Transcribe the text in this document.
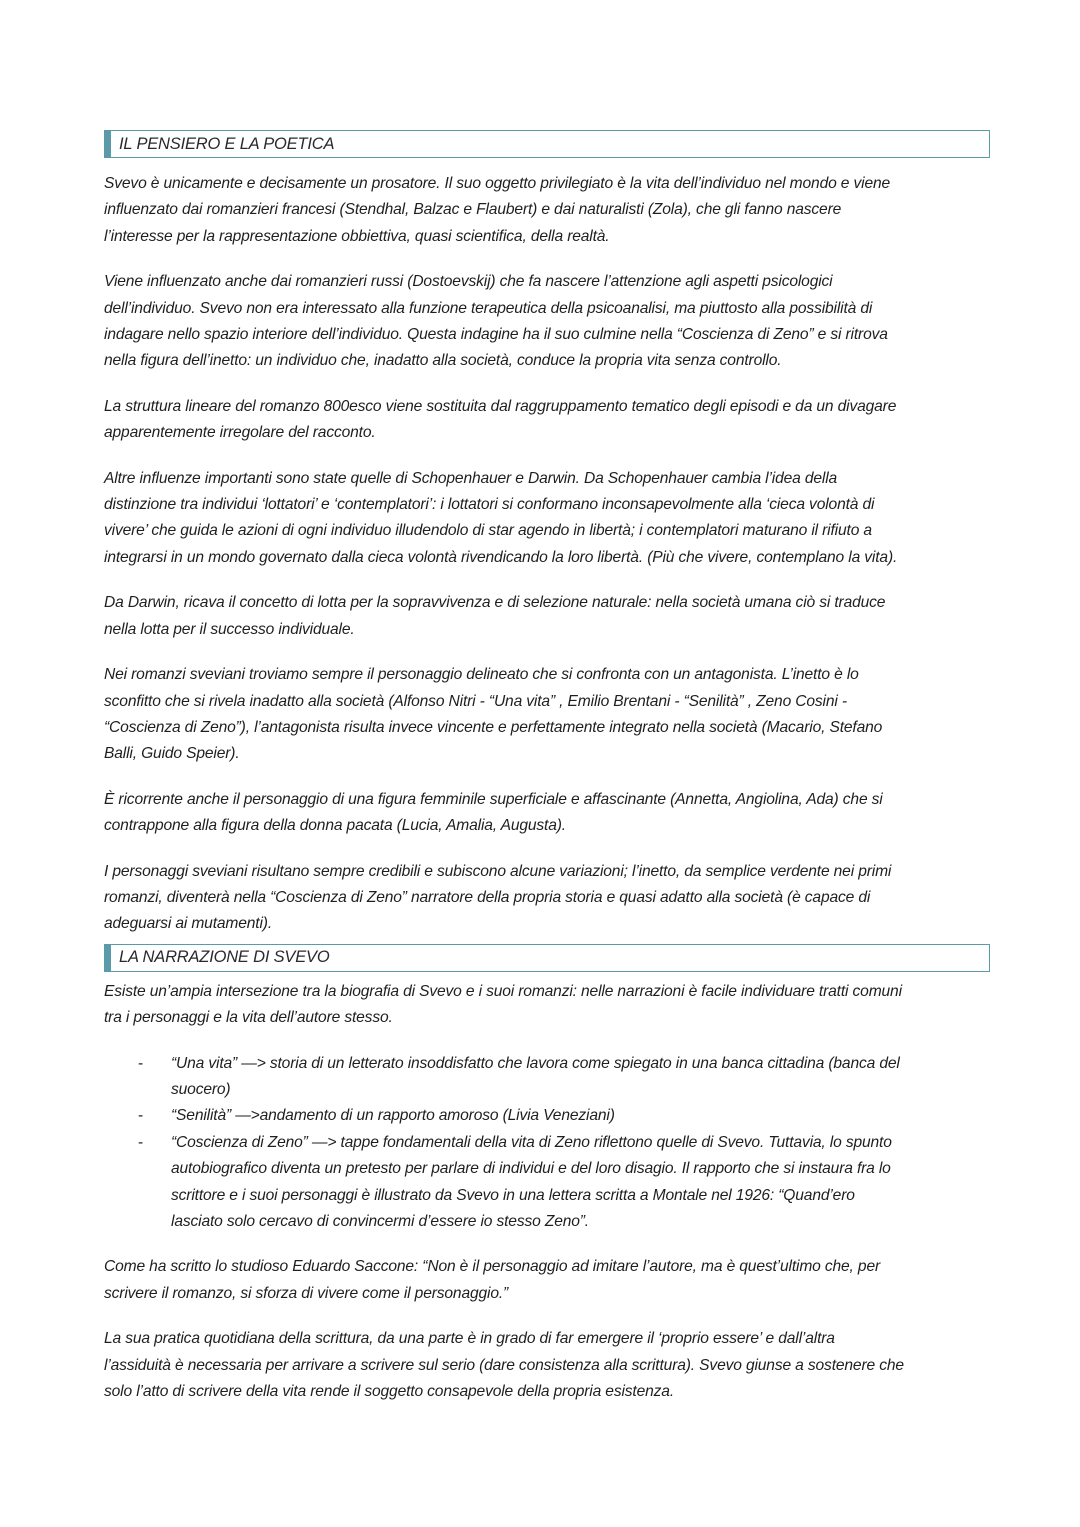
IL PENSIERO E LA POETICA

Svevo è unicamente e decisamente un prosatore. Il suo oggetto privilegiato è la vita dell’individuo nel mondo e viene
influenzato dai romanzieri francesi (Stendhal, Balzac e Flaubert) e dai naturalisti (Zola), che gli fanno nascere
l’interesse per la rappresentazione obbiettiva, quasi scientifica, della realtà.

Viene influenzato anche dai romanzieri russi (Dostoevskij) che fa nascere l’attenzione agli aspetti psicologici
dell’individuo. Svevo non era interessato alla funzione terapeutica della psicoanalisi, ma piuttosto alla possibilità di
indagare nello spazio interiore dell’individuo. Questa indagine ha il suo culmine nella “Coscienza di Zeno” e si ritrova
nella figura dell’inetto: un individuo che, inadatto alla società, conduce la propria vita senza controllo.

La struttura lineare del romanzo 800esco viene sostituita dal raggruppamento tematico degli episodi e da un divagare
apparentemente irregolare del racconto.

Altre influenze importanti sono state quelle di Schopenhauer e Darwin. Da Schopenhauer cambia l’idea della
distinzione tra individui ‘lottatori’ e ‘contemplatori’: i lottatori si conformano inconsapevolmente alla ‘cieca volontà di
vivere’ che guida le azioni di ogni individuo illudendolo di star agendo in libertà; i contemplatori maturano il rifiuto a
integrarsi in un mondo governato dalla cieca volontà rivendicando la loro libertà. (Più che vivere, contemplano la vita).

Da Darwin, ricava il concetto di lotta per la sopravvivenza e di selezione naturale: nella società umana ciò si traduce
nella lotta per il successo individuale.

Nei romanzi sveviani troviamo sempre il personaggio delineato che si confronta con un antagonista. L’inetto è lo
sconfitto che si rivela inadatto alla società (Alfonso Nitri - “Una vita” , Emilio Brentani - “Senilità” , Zeno Cosini -
“Coscienza di Zeno”), l’antagonista risulta invece vincente e perfettamente integrato nella società (Macario, Stefano
Balli, Guido Speier).

È ricorrente anche il personaggio di una figura femminile superficiale e affascinante (Annetta, Angiolina, Ada) che si
contrappone alla figura della donna pacata (Lucia, Amalia, Augusta).

I personaggi sveviani risultano sempre credibili e subiscono alcune variazioni; l’inetto, da semplice verdente nei primi
romanzi, diventerà nella “Coscienza di Zeno” narratore della propria storia e quasi adatto alla società (è capace di
adeguarsi ai mutamenti).

LA NARRAZIONE DI SVEVO

Esiste un’ampia intersezione tra la biografia di Svevo e i suoi romanzi: nelle narrazioni è facile individuare tratti comuni
tra i personaggi e la vita dell’autore stesso.

- “Una vita” —> storia di un letterato insoddisfatto che lavora come spiegato in una banca cittadina (banca del
suocero)
- “Senilità” —>andamento di un rapporto amoroso (Livia Veneziani)
- “Coscienza di Zeno” —> tappe fondamentali della vita di Zeno riflettono quelle di Svevo. Tuttavia, lo spunto
autobiografico diventa un pretesto per parlare di individui e del loro disagio. Il rapporto che si instaura fra lo
scrittore e i suoi personaggi è illustrato da Svevo in una lettera scritta a Montale nel 1926: “Quand’ero
lasciato solo cercavo di convincermi d’essere io stesso Zeno”.

Come ha scritto lo studioso Eduardo Saccone: “Non è il personaggio ad imitare l’autore, ma è quest’ultimo che, per
scrivere il romanzo, si sforza di vivere come il personaggio.”

La sua pratica quotidiana della scrittura, da una parte è in grado di far emergere il ‘proprio essere’ e dall’altra
l’assiduità è necessaria per arrivare a scrivere sul serio (dare consistenza alla scrittura). Svevo giunse a sostenere che
solo l’atto di scrivere della vita rende il soggetto consapevole della propria esistenza.
